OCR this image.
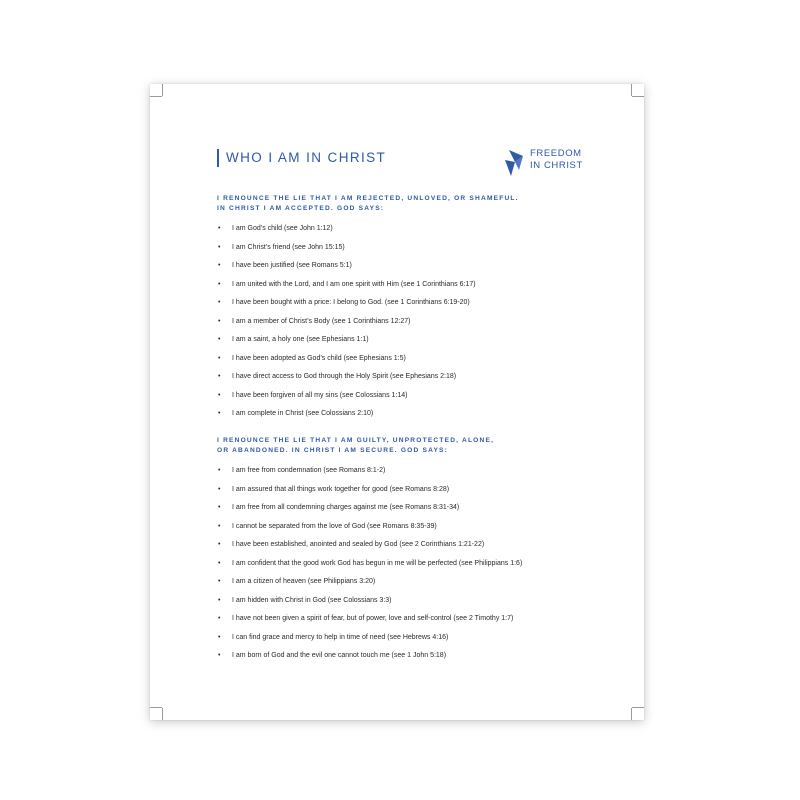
WHO I AM IN CHRIST	FREEDOM
IN CHRIST
I RENOUNCE THE LIE THAT I AM REJECTED, UNLOVED, OR SHAMEFUL.
IN CHRIST I AM ACCEPTED. GOD SAYS:
• I am God’s child (see John 1:12)
• I am Christ’s friend (see John 15:15)
• I have been justified (see Romans 5:1)
• I am united with the Lord, and I am one spirit with Him (see 1 Corinthians 6:17)
• I have been bought with a price: I belong to God. (see 1 Corinthians 6:19-20)
• I am a member of Christ’s Body (see 1 Corinthians 12:27)
• I am a saint, a holy one (see Ephesians 1:1)
• I have been adopted as God’s child (see Ephesians 1:5)
• I have direct access to God through the Holy Spirit (see Ephesians 2:18)
• I have been forgiven of all my sins (see Colossians 1:14)
• I am complete in Christ (see Colossians 2:10)
I RENOUNCE THE LIE THAT I AM GUILTY, UNPROTECTED, ALONE,
OR ABANDONED. IN CHRIST I AM SECURE. GOD SAYS:
• I am free from condemnation (see Romans 8:1-2)
• I am assured that all things work together for good (see Romans 8:28)
• I am free from all condemning charges against me (see Romans 8:31-34)
• I cannot be separated from the love of God (see Romans 8:35-39)
• I have been established, anointed and sealed by God (see 2 Corinthians 1:21-22)
• I am confident that the good work God has begun in me will be perfected (see Philippians 1:6)
• I am a citizen of heaven (see Philippians 3:20)
• I am hidden with Christ in God (see Colossians 3:3)
• I have not been given a spirit of fear, but of power, love and self-control (see 2 Timothy 1:7)
• I can find grace and mercy to help in time of need (see Hebrews 4:16)
• I am born of God and the evil one cannot touch me (see 1 John 5:18)
